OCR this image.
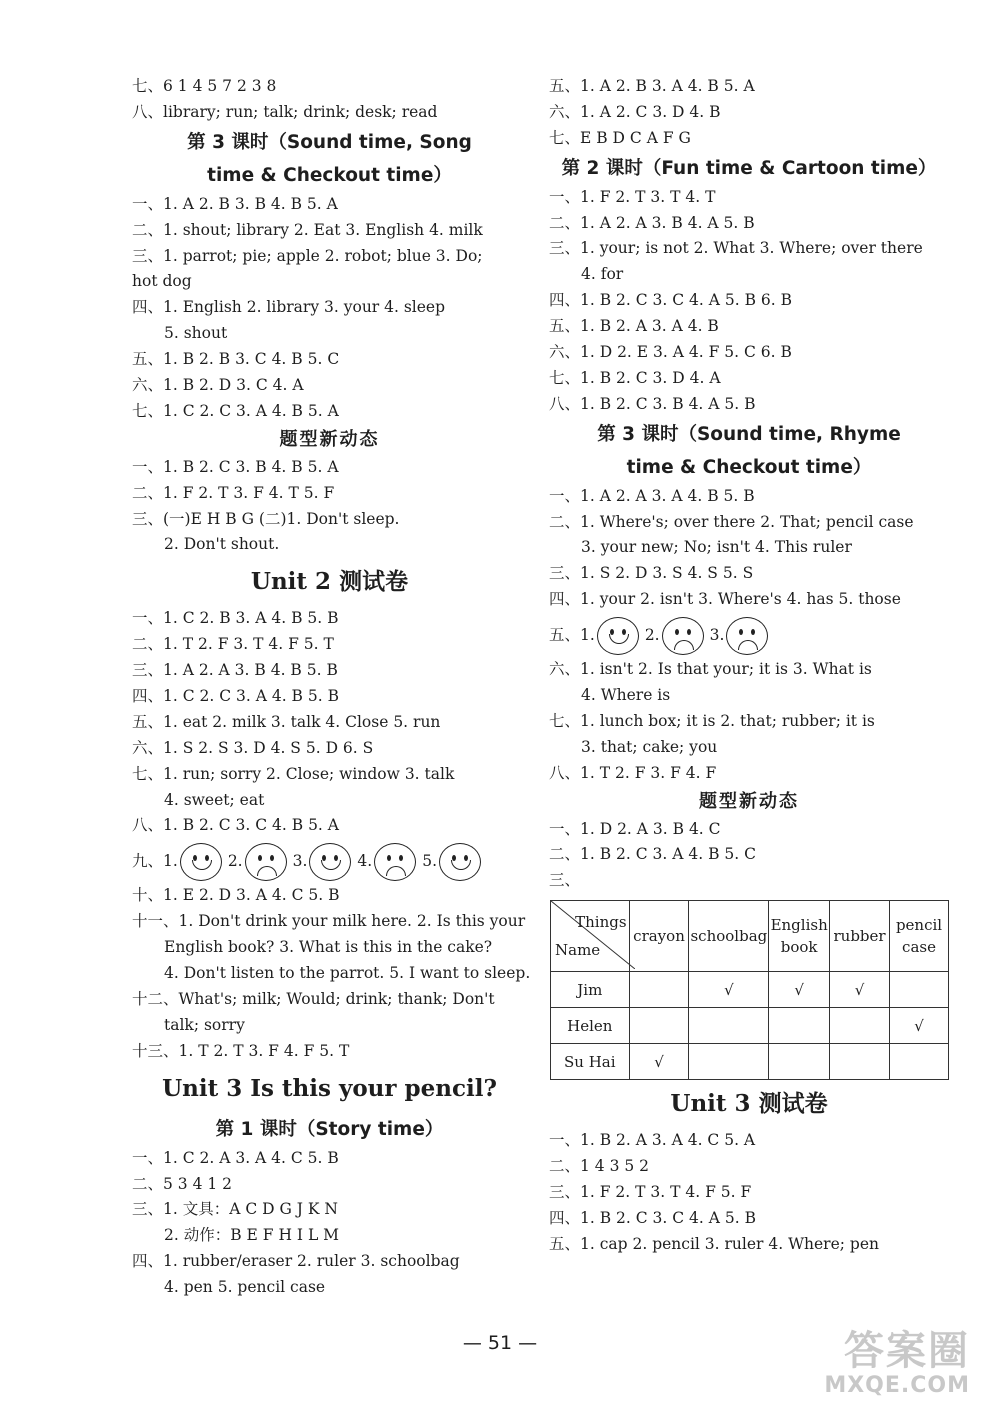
七、6 1 4 5 7 2 3 8
八、library; run; talk; drink; desk; read
第 3 课时（Sound time, Song
time & Checkout time）
一、1. A 2. B 3. B 4. B 5. A
二、1. shout; library 2. Eat 3. English 4. milk
三、1. parrot; pie; apple 2. robot; blue 3. Do;
hot dog
四、1. English 2. library 3. your 4. sleep
5. shout
五、1. B 2. B 3. C 4. B 5. C
六、1. B 2. D 3. C 4. A
七、1. C 2. C 3. A 4. B 5. A
题型新动态
一、1. B 2. C 3. B 4. B 5. A
二、1. F 2. T 3. F 4. T 5. F
三、(一)E H B G (二)1. Don't sleep.
2. Don't shout.
Unit 2 测试卷
一、1. C 2. B 3. A 4. B 5. B
二、1. T 2. F 3. T 4. F 5. T
三、1. A 2. A 3. B 4. B 5. B
四、1. C 2. C 3. A 4. B 5. B
五、1. eat 2. milk 3. talk 4. Close 5. run
六、1. S 2. S 3. D 4. S 5. D 6. S
七、1. run; sorry 2. Close; window 3. talk
4. sweet; eat
八、1. B 2. C 3. C 4. B 5. A
九、1.	2.	3.	4.	5.
十、1. E 2. D 3. A 4. C 5. B
十一、1. Don't drink your milk here. 2. Is this your
English book? 3. What is this in the cake?
4. Don't listen to the parrot. 5. I want to sleep.
十二、What's; milk; Would; drink; thank; Don't
talk; sorry
十三、1. T 2. T 3. F 4. F 5. T
Unit 3 Is this your pencil?
第 1 课时（Story time）
一、1. C 2. A 3. A 4. C 5. B
二、5 3 4 1 2
三、1. 文具：A C D G J K N
2. 动作：B E F H I L M
四、1. rubber/eraser 2. ruler 3. schoolbag
4. pen 5. pencil case
五、1. A 2. B 3. A 4. B 5. A
六、1. A 2. C 3. D 4. B
七、E B D C A F G
第 2 课时（Fun time & Cartoon time）
一、1. F 2. T 3. T 4. T
二、1. A 2. A 3. B 4. A 5. B
三、1. your; is not 2. What 3. Where; over there
4. for
四、1. B 2. C 3. C 4. A 5. B 6. B
五、1. B 2. A 3. A 4. B
六、1. D 2. E 3. A 4. F 5. C 6. B
七、1. B 2. C 3. D 4. A
八、1. B 2. C 3. B 4. A 5. B
第 3 课时（Sound time, Rhyme
time & Checkout time）
一、1. A 2. A 3. A 4. B 5. B
二、1. Where's; over there 2. That; pencil case
3. your new; No; isn't 4. This ruler
三、1. S 2. D 3. S 4. S 5. S
四、1. your 2. isn't 3. Where's 4. has 5. those
五、1.	2.	3.
六、1. isn't 2. Is that your; it is 3. What is
4. Where is
七、1. lunch box; it is 2. that; rubber; it is
3. that; cake; you
八、1. T 2. F 3. F 4. F
题型新动态
一、1. D 2. A 3. B 4. C
二、1. B 2. C 3. A 4. B 5. C
三、
Things
Name	crayon	schoolbag	English book	rubber	pencil case
Jim		√	√	√	
Helen					√
Su Hai	√				
Unit 3 测试卷
一、1. B 2. A 3. A 4. C 5. A
二、1 4 3 5 2
三、1. F 2. T 3. T 4. F 5. F
四、1. B 2. C 3. C 4. A 5. B
五、1. cap 2. pencil 3. ruler 4. Where; pen
— 51 —	答案圈
MXQE.COM
